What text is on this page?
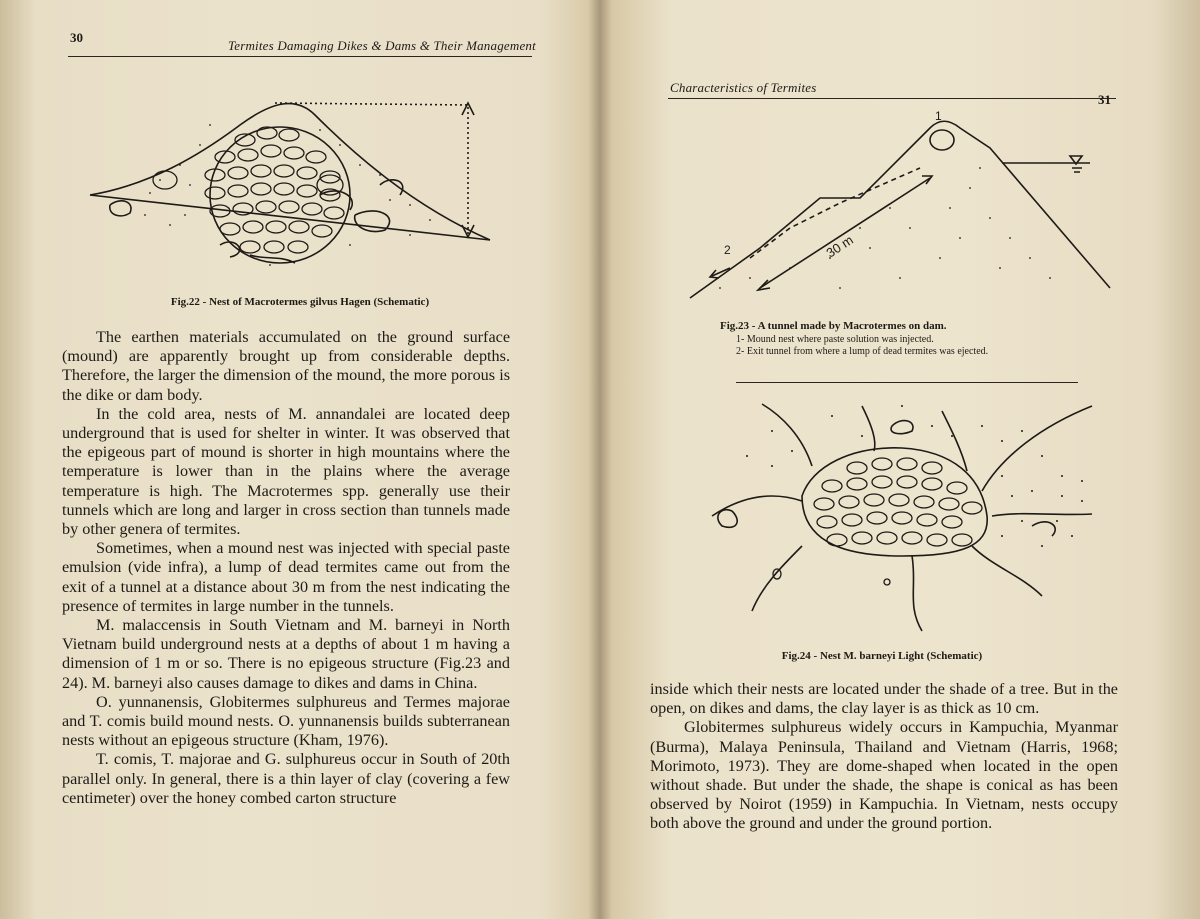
30
Termites Damaging Dikes & Dams & Their Management
Fig.22 - Nest of Macrotermes gilvus Hagen (Schematic)

The earthen materials accumulated on the ground surface (mound) are apparently brought up from considerable depths. Therefore, the larger the dimension of the mound, the more porous is the dike or dam body.

In the cold area, nests of M. annandalei are located deep underground that is used for shelter in winter. It was observed that the epigeous part of mound is shorter in high mountains where the temperature is lower than in the plains where the average temperature is high. The Macrotermes spp. generally use their tunnels which are long and larger in cross section than tunnels made by other genera of termites.

Sometimes, when a mound nest was injected with special paste emulsion (vide infra), a lump of dead termites came out from the exit of a tunnel at a distance about 30 m from the nest indicating the presence of termites in large number in the tunnels.

M. malaccensis in South Vietnam and M. barneyi in North Vietnam build underground nests at a depths of about 1 m having a dimension of 1 m or so. There is no epigeous structure (Fig.23 and 24). M. barneyi also causes damage to dikes and dams in China.

O. yunnanensis, Globitermes sulphureus and Termes majorae and T. comis build mound nests. O. yunnanensis builds subterranean nests without an epigeous structure (Kham, 1976).

T. comis, T. majorae and G. sulphureus occur in South of 20th parallel only. In general, there is a thin layer of clay (covering a few centimeter) over the honey combed carton structure

Characteristics of Termites
31
1
2	30 m
Fig.23 - A tunnel made by Macrotermes on dam.
1- Mound nest where paste solution was injected.
2- Exit tunnel from where a lump of dead termites was ejected.
Fig.24 - Nest M. barneyi Light (Schematic)

inside which their nests are located under the shade of a tree. But in the open, on dikes and dams, the clay layer is as thick as 10 cm.

Globitermes sulphureus widely occurs in Kampuchia, Myanmar (Burma), Malaya Peninsula, Thailand and Vietnam (Harris, 1968; Morimoto, 1973). They are dome-shaped when located in the open without shade. But under the shade, the shape is conical as has been observed by Noirot (1959) in Kampuchia. In Vietnam, nests occupy both above the ground and under the ground portion.
